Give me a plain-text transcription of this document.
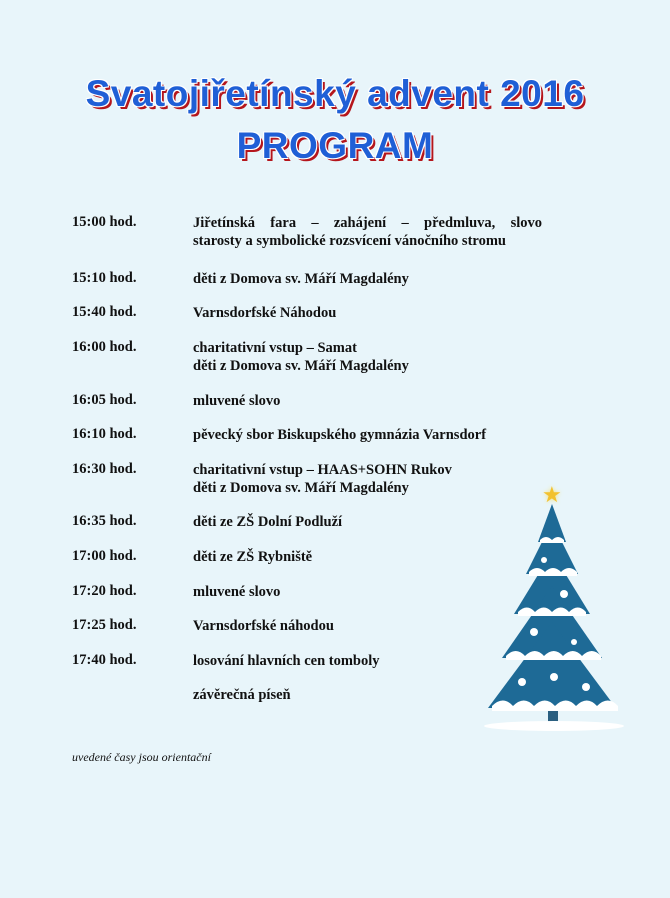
Svatojiřetínský advent 2016
PROGRAM
15:00 hod.	Jiřetínská fara – zahájení – předmluva, slovo
starosty a symbolické rozsvícení vánočního stromu
15:10 hod.	děti z Domova sv. Máří Magdalény
15:40 hod.	Varnsdorfské Náhodou
16:00 hod.	charitativní vstup – Samat
děti z Domova sv. Máří Magdalény
16:05 hod.	mluvené slovo
16:10 hod.	pěvecký sbor Biskupského gymnázia Varnsdorf
16:30 hod.	charitativní vstup – HAAS+SOHN Rukov
děti z Domova sv. Máří Magdalény
16:35 hod.	děti ze ZŠ Dolní Podluží
17:00 hod.	děti ze ZŠ Rybniště
17:20 hod.	mluvené slovo
17:25 hod.	Varnsdorfské náhodou
17:40 hod.	losování hlavních cen tomboly
závěrečná píseň
uvedené časy jsou orientační
★
